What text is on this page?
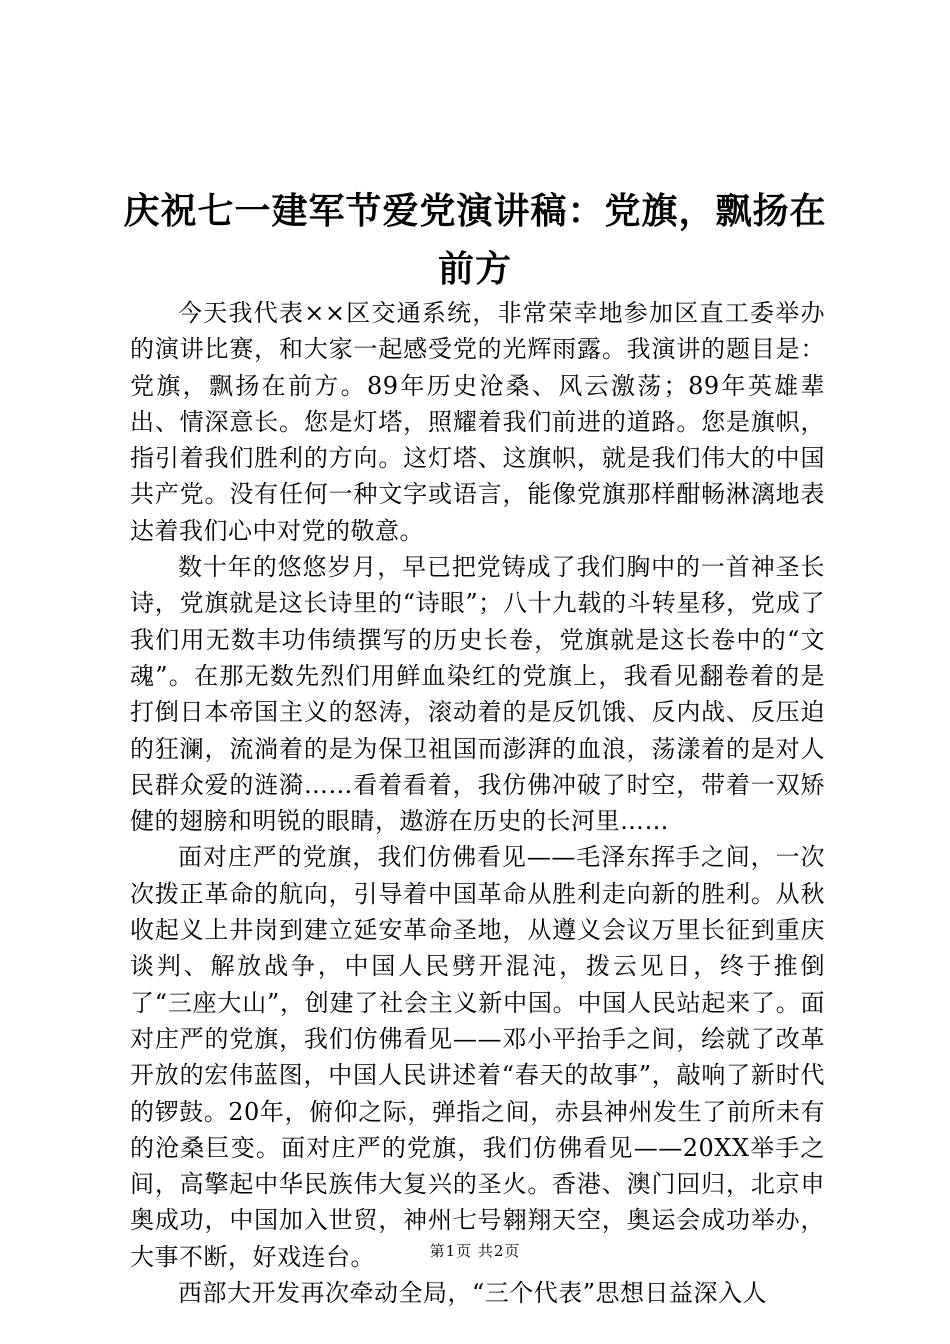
庆祝七一建军节爱党演讲稿：党旗，飘扬在前方

今天我代表××区交通系统，非常荣幸地参加区直工委举办的演讲比赛，和大家一起感受党的光辉雨露。我演讲的题目是：党旗，飘扬在前方。89年历史沧桑、风云激荡；89年英雄辈出、情深意长。您是灯塔，照耀着我们前进的道路。您是旗帜，指引着我们胜利的方向。这灯塔、这旗帜，就是我们伟大的中国共产党。没有任何一种文字或语言，能像党旗那样酣畅淋漓地表达着我们心中对党的敬意。

数十年的悠悠岁月，早已把党铸成了我们胸中的一首神圣长诗，党旗就是这长诗里的“诗眼”；八十九载的斗转星移，党成了我们用无数丰功伟绩撰写的历史长卷，党旗就是这长卷中的“文魂”。在那无数先烈们用鲜血染红的党旗上，我看见翻卷着的是打倒日本帝国主义的怒涛，滚动着的是反饥饿、反内战、反压迫的狂澜，流淌着的是为保卫祖国而澎湃的血浪，荡漾着的是对人民群众爱的涟漪……看着看着，我仿佛冲破了时空，带着一双矫健的翅膀和明锐的眼睛，遨游在历史的长河里……

面对庄严的党旗，我们仿佛看见——毛泽东挥手之间，一次次拨正革命的航向，引导着中国革命从胜利走向新的胜利。从秋收起义上井岗到建立延安革命圣地，从遵义会议万里长征到重庆谈判、解放战争，中国人民劈开混沌，拨云见日，终于推倒了“三座大山”，创建了社会主义新中国。中国人民站起来了。面对庄严的党旗，我们仿佛看见——邓小平抬手之间，绘就了改革开放的宏伟蓝图，中国人民讲述着“春天的故事”，敲响了新时代的锣鼓。20年，俯仰之际，弹指之间，赤县神州发生了前所未有的沧桑巨变。面对庄严的党旗，我们仿佛看见——20XX举手之间，高擎起中华民族伟大复兴的圣火。香港、澳门回归，北京申奥成功，中国加入世贸，神州七号翱翔天空，奥运会成功举办，大事不断，好戏连台。

西部大开发再次牵动全局，“三个代表”思想日益深入人

第1页 共2页
